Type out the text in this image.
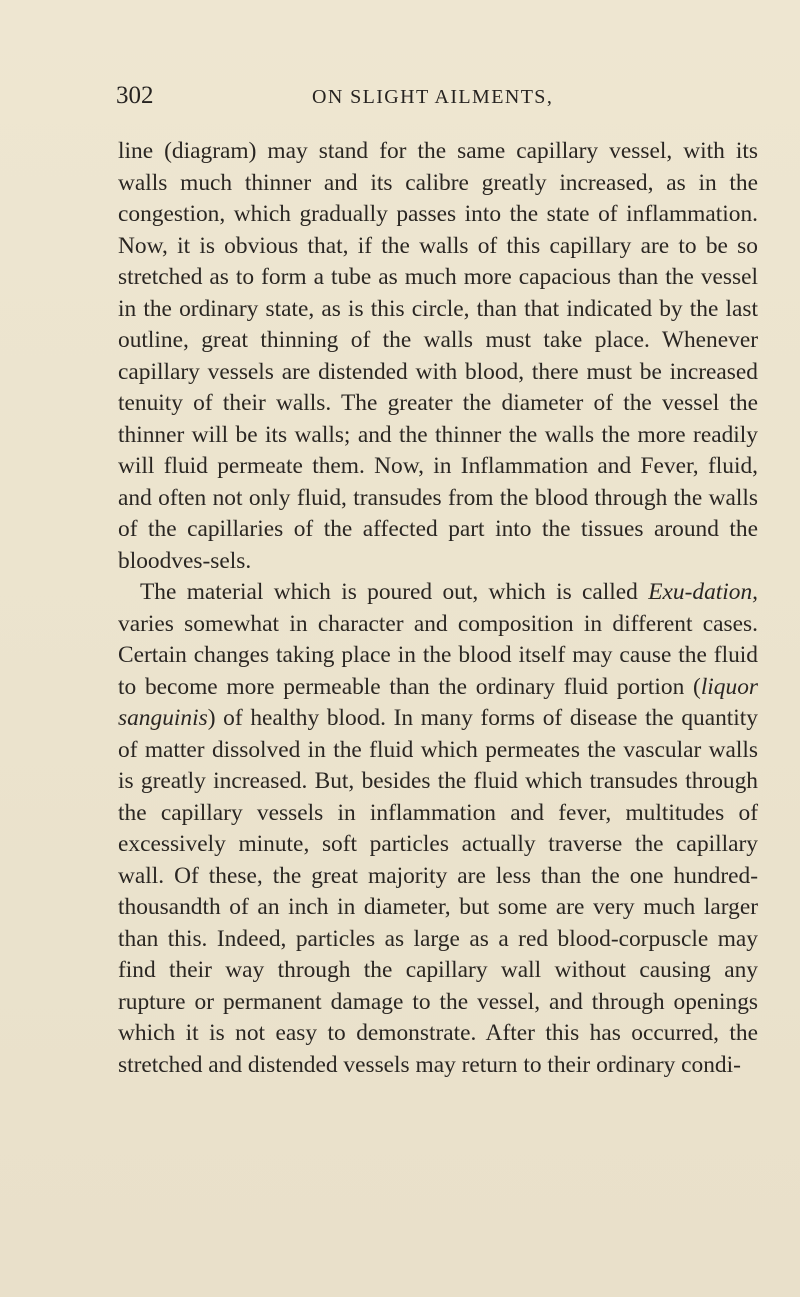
302	ON SLIGHT AILMENTS,

line (diagram) may stand for the same capillary vessel, with its walls much thinner and its calibre greatly increased, as in the congestion, which gradually passes into the state of inflammation. Now, it is obvious that, if the walls of this capillary are to be so stretched as to form a tube as much more capacious than the vessel in the ordinary state, as is this circle, than that indicated by the last outline, great thinning of the walls must take place. Whenever capillary vessels are distended with blood, there must be increased tenuity of their walls. The greater the diameter of the vessel the thinner will be its walls; and the thinner the walls the more readily will fluid permeate them. Now, in Inflammation and Fever, fluid, and often not only fluid, transudes from the blood through the walls of the capillaries of the affected part into the tissues around the bloodves-sels.

The material which is poured out, which is called Exu-dation, varies somewhat in character and composition in different cases. Certain changes taking place in the blood itself may cause the fluid to become more permeable than the ordinary fluid portion (liquor sanguinis) of healthy blood. In many forms of disease the quantity of matter dissolved in the fluid which permeates the vascular walls is greatly increased. But, besides the fluid which transudes through the capillary vessels in inflammation and fever, multitudes of excessively minute, soft particles actually traverse the capillary wall. Of these, the great majority are less than the one hundred-thousandth of an inch in diameter, but some are very much larger than this. Indeed, particles as large as a red blood-corpuscle may find their way through the capillary wall without causing any rupture or permanent damage to the vessel, and through openings which it is not easy to demonstrate. After this has occurred, the stretched and distended vessels may return to their ordinary condi-
